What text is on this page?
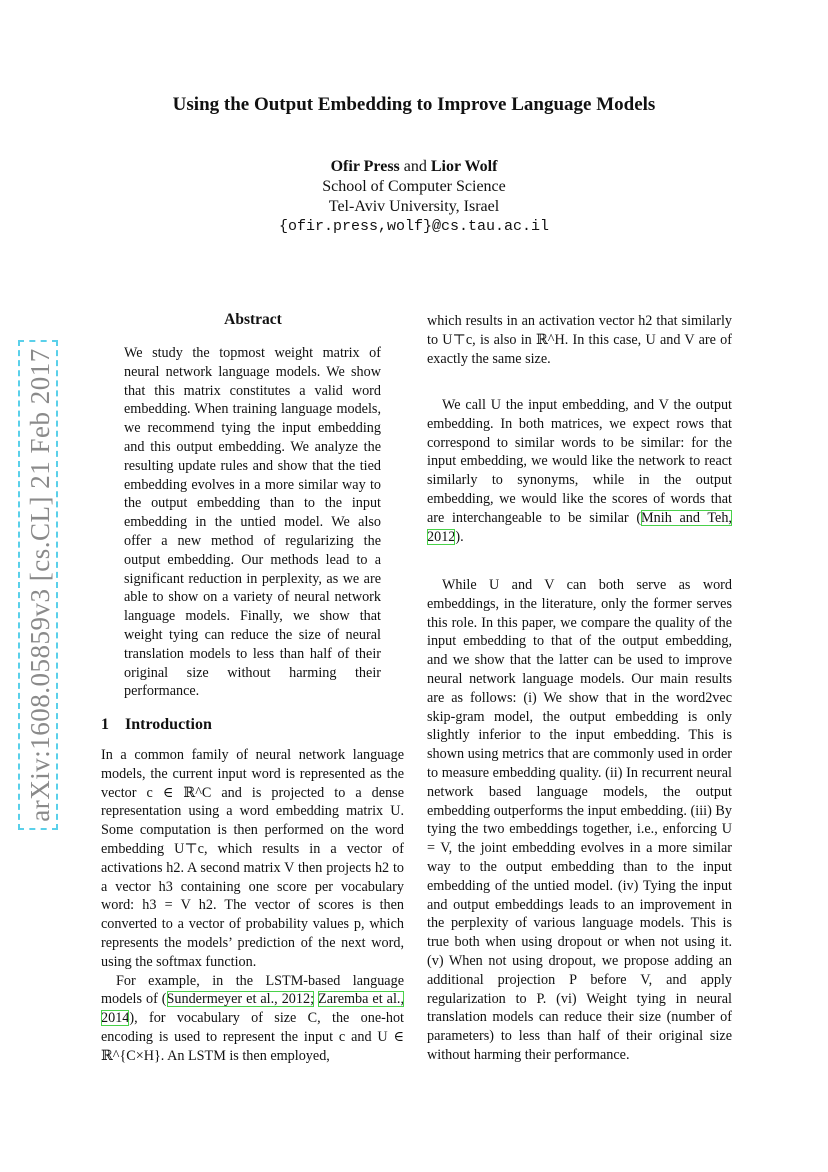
Using the Output Embedding to Improve Language Models
Ofir Press and Lior Wolf
School of Computer Science
Tel-Aviv University, Israel
{ofir.press,wolf}@cs.tau.ac.il
arXiv:1608.05859v3 [cs.CL] 21 Feb 2017
Abstract

We study the topmost weight matrix of neural network language models. We show that this matrix constitutes a valid word embedding. When training language models, we recommend tying the input embedding and this output embedding. We analyze the resulting update rules and show that the tied embedding evolves in a more similar way to the output embedding than to the input embedding in the untied model. We also offer a new method of regularizing the output embedding. Our methods lead to a significant reduction in perplexity, as we are able to show on a variety of neural network language models. Finally, we show that weight tying can reduce the size of neural translation models to less than half of their original size without harming their performance.

1 Introduction

In a common family of neural network language models, the current input word is represented as the vector c ∈ ℝ^C and is projected to a dense representation using a word embedding matrix U. Some computation is then performed on the word embedding U⊤c, which results in a vector of activations h2. A second matrix V then projects h2 to a vector h3 containing one score per vocabulary word: h3 = V h2. The vector of scores is then converted to a vector of probability values p, which represents the models’ prediction of the next word, using the softmax function.

For example, in the LSTM-based language models of (Sundermeyer et al., 2012; Zaremba et al., 2014), for vocabulary of size C, the one-hot encoding is used to represent the input c and U ∈ ℝ^{C×H}. An LSTM is then employed,

which results in an activation vector h2 that similarly to U⊤c, is also in ℝ^H. In this case, U and V are of exactly the same size.

We call U the input embedding, and V the output embedding. In both matrices, we expect rows that correspond to similar words to be similar: for the input embedding, we would like the network to react similarly to synonyms, while in the output embedding, we would like the scores of words that are interchangeable to be similar (Mnih and Teh, 2012).

While U and V can both serve as word embeddings, in the literature, only the former serves this role. In this paper, we compare the quality of the input embedding to that of the output embedding, and we show that the latter can be used to improve neural network language models. Our main results are as follows: (i) We show that in the word2vec skip-gram model, the output embedding is only slightly inferior to the input embedding. This is shown using metrics that are commonly used in order to measure embedding quality. (ii) In recurrent neural network based language models, the output embedding outperforms the input embedding. (iii) By tying the two embeddings together, i.e., enforcing U = V, the joint embedding evolves in a more similar way to the output embedding than to the input embedding of the untied model. (iv) Tying the input and output embeddings leads to an improvement in the perplexity of various language models. This is true both when using dropout or when not using it. (v) When not using dropout, we propose adding an additional projection P before V, and apply regularization to P. (vi) Weight tying in neural translation models can reduce their size (number of parameters) to less than half of their original size without harming their performance.
